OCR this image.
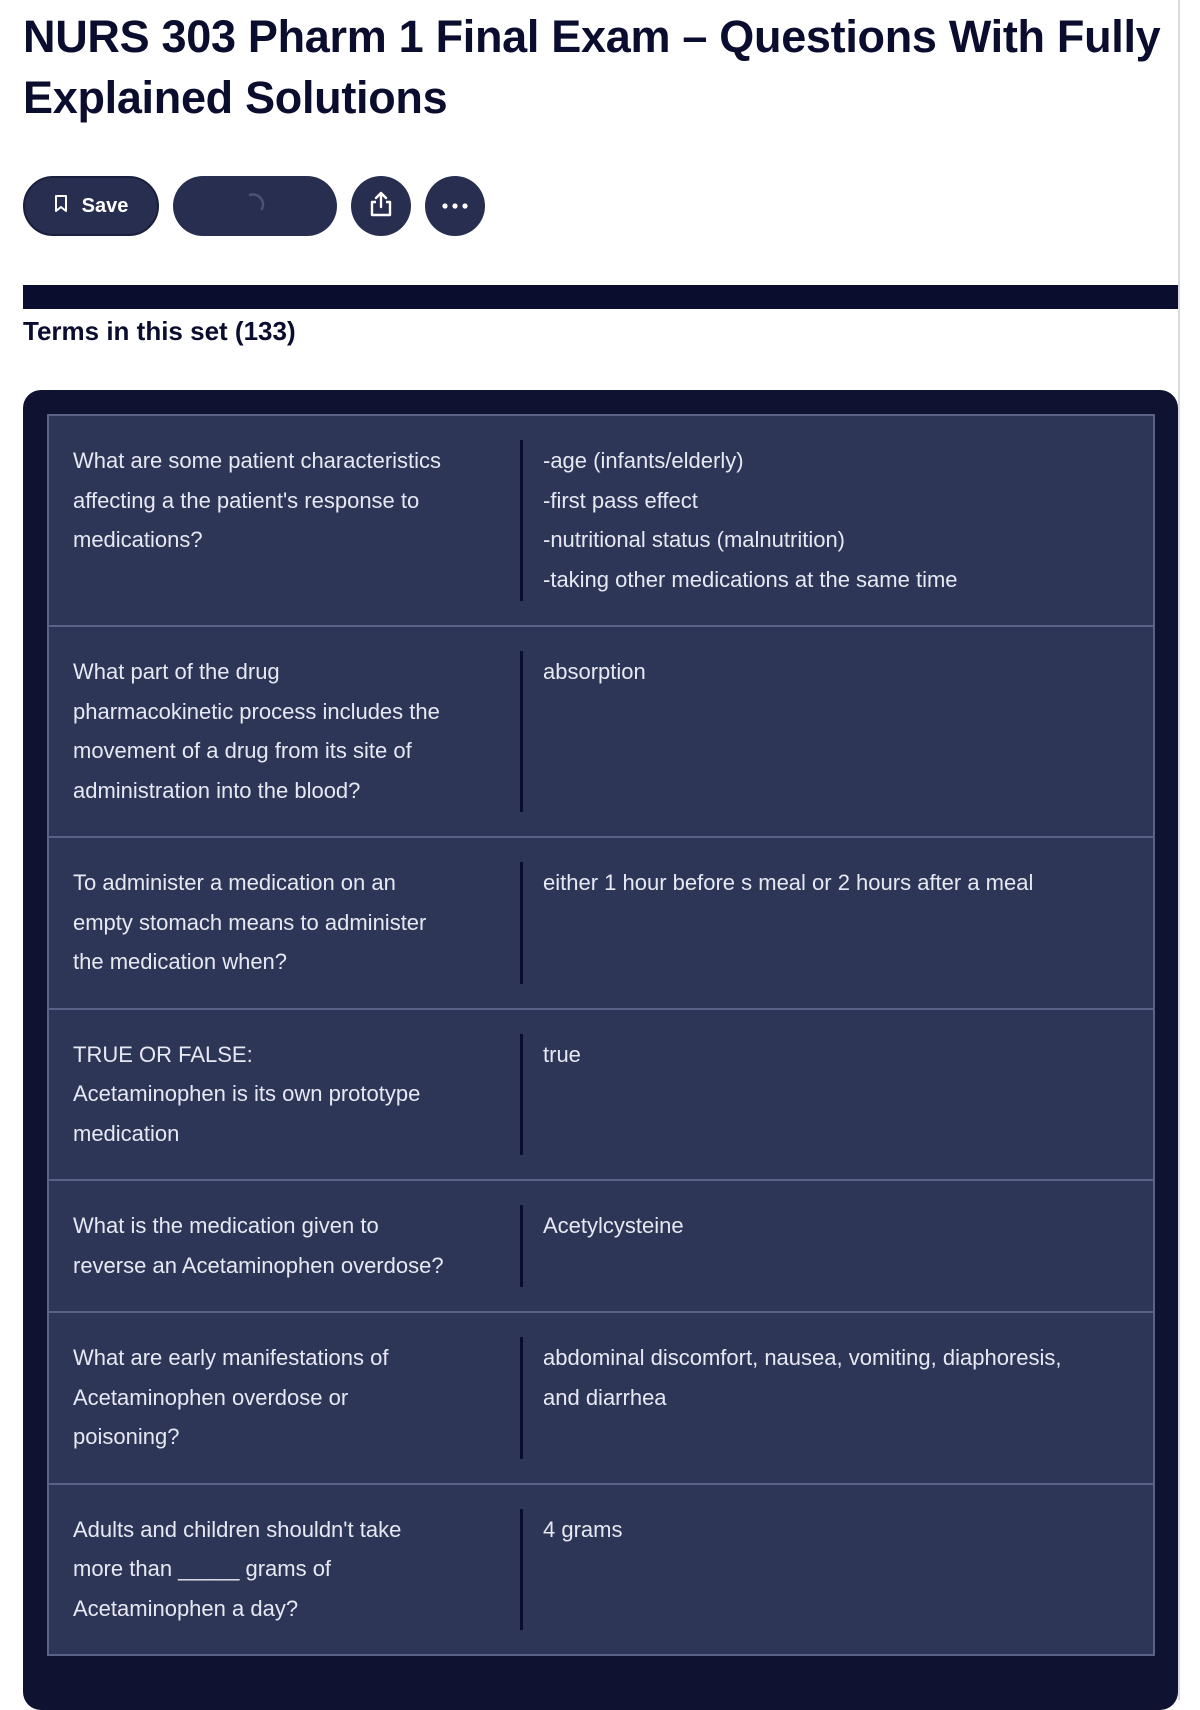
NURS 303 Pharm 1 Final Exam – Questions With Fully Explained Solutions
Save
Terms in this set (133)
What are some patient characteristics
affecting a the patient's response to
medications?
-age (infants/elderly)
-first pass effect
-nutritional status (malnutrition)
-taking other medications at the same time
What part of the drug
pharmacokinetic process includes the
movement of a drug from its site of
administration into the blood?
absorption
To administer a medication on an
empty stomach means to administer
the medication when?
either 1 hour before s meal or 2 hours after a meal
TRUE OR FALSE:
Acetaminophen is its own prototype
medication
true
What is the medication given to
reverse an Acetaminophen overdose?
Acetylcysteine
What are early manifestations of
Acetaminophen overdose or
poisoning?
abdominal discomfort, nausea, vomiting, diaphoresis,
and diarrhea
Adults and children shouldn't take
more than _____ grams of
Acetaminophen a day?
4 grams
